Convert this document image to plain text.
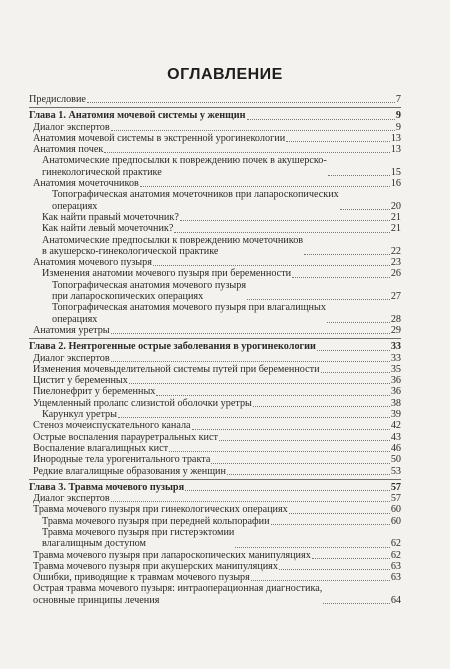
ОГЛАВЛЕНИЕ
Предисловие	7
Глава 1. Анатомия мочевой системы у женщин	9
Диалог экспертов	9
Анатомия мочевой системы в экстренной урогинекологии	13
Анатомия почек	13
Анатомические предпосылки к повреждению почек в акушерско-
гинекологической практике	15
Анатомия мочеточников	16
Топографическая анатомия мочеточников при лапароскопических
операциях	20
Как найти правый мочеточник?	21
Как найти левый мочеточник?	21
Анатомические предпосылки к повреждению мочеточников
в акушерско-гинекологической практике	22
Анатомия мочевого пузыря	23
Изменения анатомии мочевого пузыря при беременности	26
Топографическая анатомия мочевого пузыря
при лапароскопических операциях	27
Топографическая анатомия мочевого пузыря при влагалищных
операциях	28
Анатомия уретры	29
Глава 2. Неятрогенные острые заболевания в урогинекологии	33
Диалог экспертов	33
Изменения мочевыделительной системы путей при беременности	35
Цистит у беременных	36
Пиелонефрит у беременных	36
Ущемленный пролапс слизистой оболочки уретры	38
Карункул уретры	39
Стеноз мочеиспускательного канала	42
Острые воспаления парауретральных кист	43
Воспаление влагалищных кист	46
Инородные тела урогенитального тракта	50
Редкие влагалищные образования у женщин	53
Глава 3. Травма мочевого пузыря	57
Диалог экспертов	57
Травма мочевого пузыря при гинекологических операциях	60
Травма мочевого пузыря при передней кольпорафии	60
Травма мочевого пузыря при гистерэктомии
влагалищным доступом	62
Травма мочевого пузыря при лапароскопических манипуляциях	62
Травма мочевого пузыря при акушерских манипуляциях	63
Ошибки, приводящие к травмам мочевого пузыря	63
Острая травма мочевого пузыря: интраоперационная диагностика,
основные принципы лечения	64
